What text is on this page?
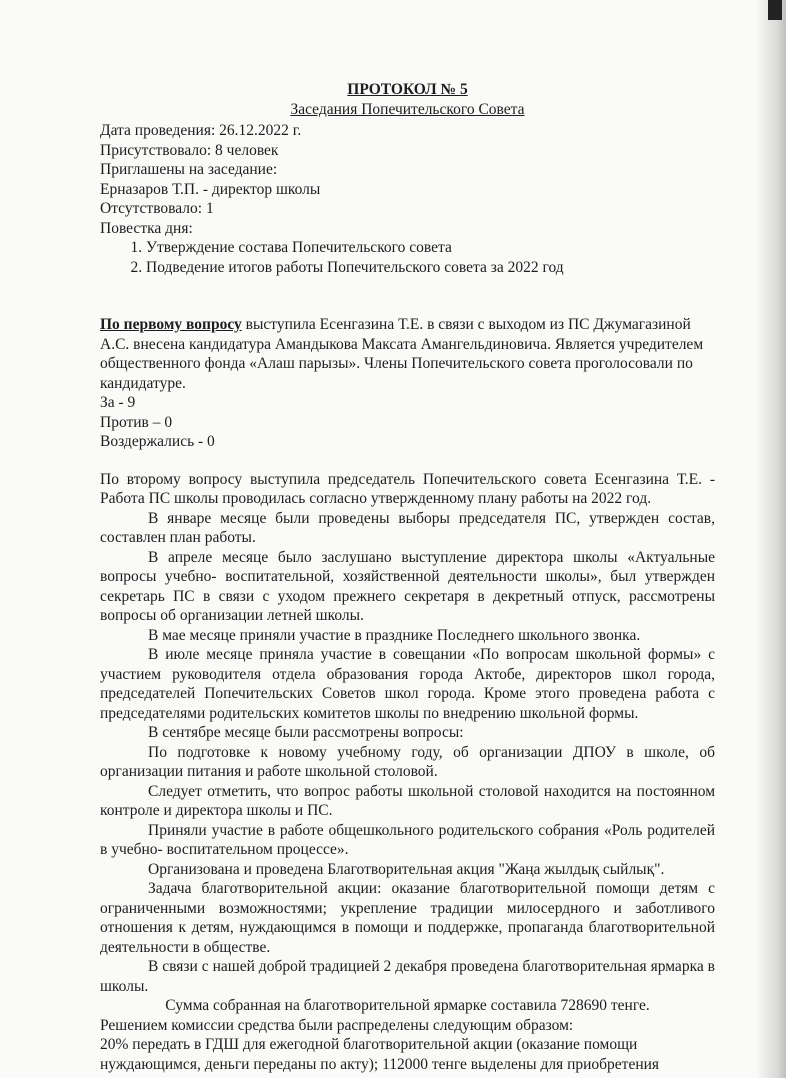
ПРОТОКОЛ № 5
Заседания Попечительского Совета
Дата проведения: 26.12.2022 г.
Присутствовало: 8 человек
Приглашены на заседание:
Ерназаров Т.П. - директор школы
Отсутствовало: 1
Повестка дня:
1. Утверждение состава Попечительского совета
2. Подведение итогов работы Попечительского совета за 2022 год
По первому вопросу выступила Есенгазина Т.Е. в связи с выходом из ПС Джумагазиной А.С. внесена кандидатура Амандыкова Максата Амангельдиновича. Является учредителем общественного фонда «Алаш парызы». Члены Попечительского совета проголосовали по кандидатуре.
За - 9
Против – 0
Воздержались - 0
По второму вопросу выступила председатель Попечительского совета Есенгазина Т.Е. - Работа ПС школы проводилась согласно утвержденному плану работы на 2022 год.
В январе месяце были проведены выборы председателя ПС, утвержден состав, составлен план работы.
В апреле месяце было заслушано выступление директора школы «Актуальные вопросы учебно- воспитательной, хозяйственной деятельности школы», был утвержден секретарь ПС в связи с уходом прежнего секретаря в декретный отпуск, рассмотрены вопросы об организации летней школы.
В мае месяце приняли участие в празднике Последнего школьного звонка.
В июле месяце приняла участие в совещании «По вопросам школьной формы» с участием руководителя отдела образования города Актобе, директоров школ города, председателей Попечительских Советов школ города. Кроме этого проведена работа с председателями родительских комитетов школы по внедрению школьной формы.
В сентябре месяце были рассмотрены вопросы:
По подготовке к новому учебному году, об организации ДПОУ в школе, об организации питания и работе школьной столовой.
Следует отметить, что вопрос работы школьной столовой находится на постоянном контроле и директора школы и ПС.
Приняли участие в работе общешкольного родительского собрания «Роль родителей в учебно- воспитательном процессе».
Организована и проведена Благотворительная акция "Жаңа жылдық сыйлық".
Задача благотворительной акции: оказание благотворительной помощи детям с ограниченными возможностями; укрепление традиции милосердного и заботливого отношения к детям, нуждающимся в помощи и поддержке, пропаганда благотворительной деятельности в обществе.
В связи с нашей доброй традицией 2 декабря проведена благотворительная ярмарка в школы.
Сумма собранная на благотворительной ярмарке составила 728690 тенге.
Решением комиссии средства были распределены следующим образом:
20% передать в ГДШ для ежегодной благотворительной акции (оказание помощи
нуждающимся, деньги переданы по акту); 112000 тенге выделены для приобретения
